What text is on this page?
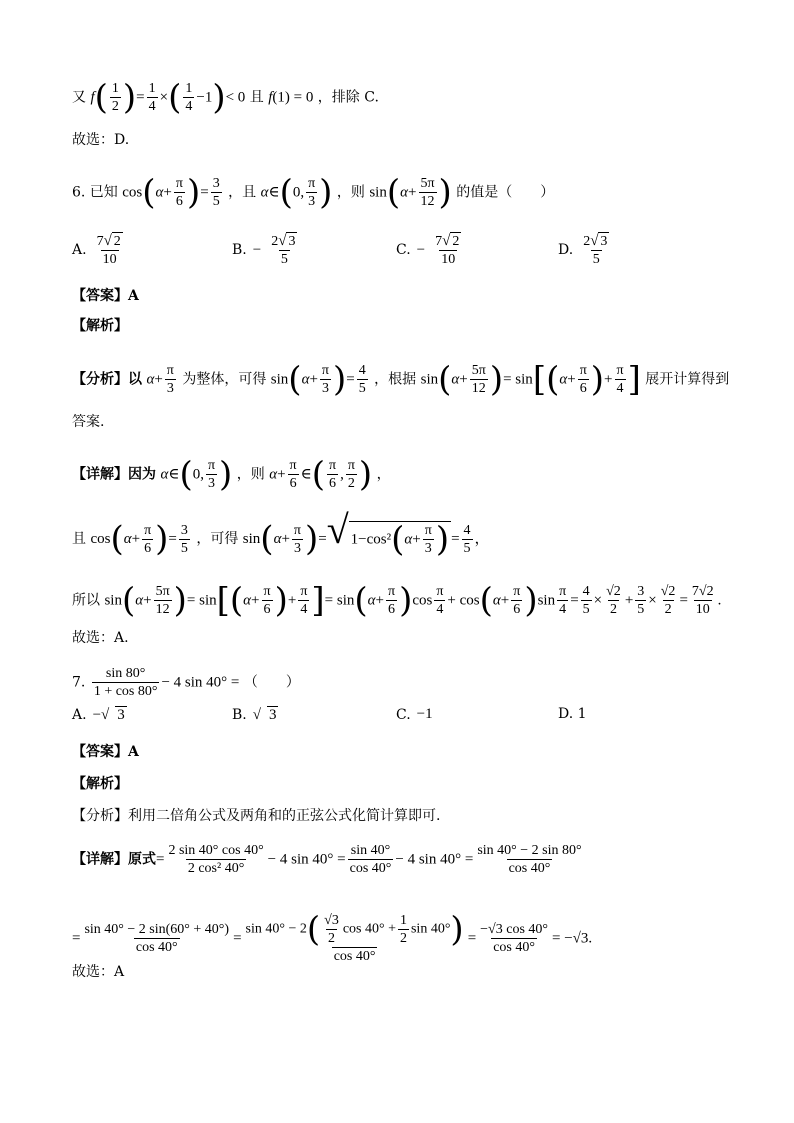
又 $f( \frac{1}{2}$ )= $\frac{1}{4}$ ×( $\frac{1}{4} -1)< 0$ 且 f(1) = 0 ，排除 C.
故选：D.
6. 已知 $\cos(\alpha+ \frac{\pi}{6}$ )= $\frac{3}{5}$ ，且 α∈(0, $\frac{\pi}{3}$ ) ，则 $\sin(\alpha+ \frac{5\pi}{12}$ ) 的值是（　　）
A. $\frac{7√ 2}{10}$	B. − $\frac{2√ 3}{5}$	C. − $\frac{7√ 2}{10}$	D. $\frac{2√ 3}{5}$
【答案】A
【解析】
【分析】以 $\alpha+ \frac{\pi}{3}$ 为整体，可得 $\sin(\alpha+ \frac{\pi}{3}$ )= $\frac{4}{5}$ ，根据 $\sin(\alpha+ \frac{5\pi}{12}$ )= $\sin[(\alpha+ \frac{\pi}{6}$ )+ $\frac{\pi}{4}$ ] 展开计算得到
答案.
【详解】因为 α∈(0, $\frac{\pi}{3}$ ) ，则 $\alpha+ \frac{\pi}{6}$ ∈( $\frac{\pi}{6}$ , $\frac{\pi}{2}$ ) ，
且 $\cos(\alpha+ \frac{\pi}{6}$ )= $\frac{3}{5}$ ，可得 $\sin(\alpha+ \frac{\pi}{3}$ )=√ $1-\cos^2(\alpha+ \frac{\pi}{3}$ ) = $\frac{4}{5}$ ，
所以 $\sin(\alpha+ \frac{5\pi}{12}$ )= $\sin[(\alpha+ \frac{\pi}{6}$ )+ $\frac{\pi}{4}$ ]= $\sin(\alpha+ \frac{\pi}{6} )\cos \frac{\pi}{4} + \cos(\alpha+ \frac{\pi}{6} )\sin \frac{\pi}{4} = \frac{4}{5} \times \frac{√2}{2} + \frac{3}{5} \times \frac{√2}{2} = \frac{7√2}{10}$ .
故选：A.
7. $\frac{\sin 80^\circ}{1 + \cos 80^\circ} - 4$ sin 40° = （　　）
A. −√ 3	B. √ 3	C. −1	D. 1
【答案】A
【解析】
【分析】利用二倍角公式及两角和的正弦公式化简计算即可.
【详解】原式= $\frac{2 \sin 40^\circ \cos 40^\circ}{\text{2 cos² 40°}} - 4$ $\sin 40^\circ = \frac{\sin 40^\circ}{\cos 40^\circ} - 4$ $\sin 40^\circ = \frac{\sin 40^\circ - 2 \sin 80^\circ}{\cos 40^\circ}$
= $\frac{\sin 40^\circ - 2 \sin(60^\circ + 40^\circ)}{\cos 40^\circ} = \frac{\sin 40^\circ - 2( \frac{√3}{2} \cos 40^\circ + \frac{1}{2} \sin 40^\circ)}{\cos 40^\circ} = \frac{-√3 \cos 40^\circ}{\cos 40^\circ} = -√3$.
故选：A
